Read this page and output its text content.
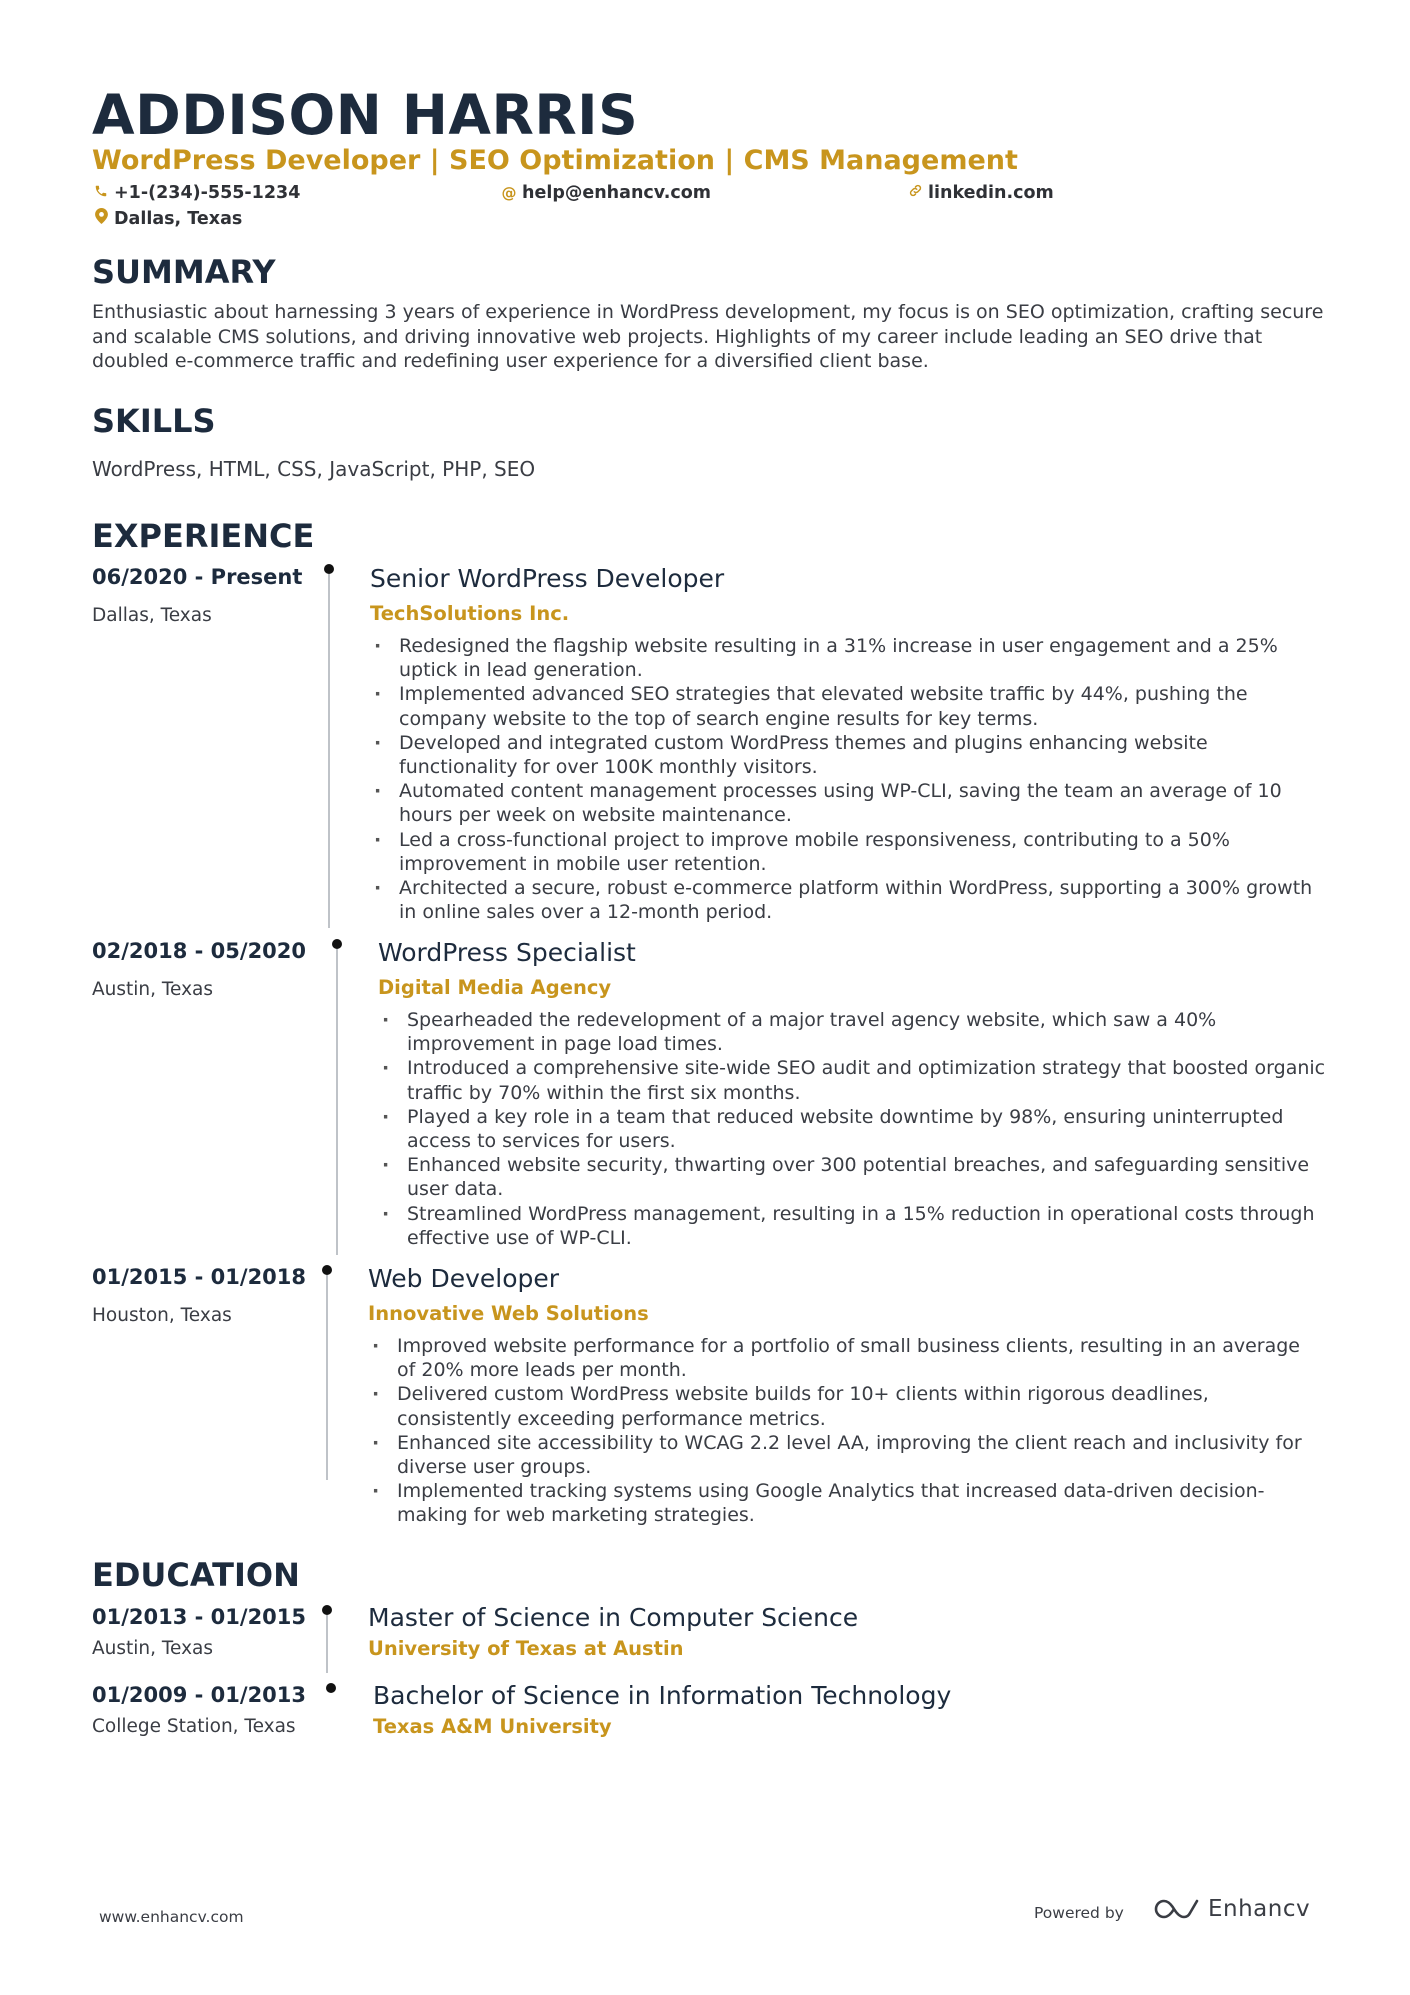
ADDISON HARRIS
WordPress Developer | SEO Optimization | CMS Management
+1-(234)-555-1234	@ help@enhancv.com	linkedin.com
Dallas, Texas
SUMMARY
Enthusiastic about harnessing 3 years of experience in WordPress development, my focus is on SEO optimization, crafting secure and scalable CMS solutions, and driving innovative web projects. Highlights of my career include leading an SEO drive that doubled e-commerce traffic and redefining user experience for a diversified client base.
SKILLS
WordPress, HTML, CSS, JavaScript, PHP, SEO
EXPERIENCE
06/2020 - Present
Dallas, Texas
Senior WordPress Developer
TechSolutions Inc.
· Redesigned the flagship website resulting in a 31% increase in user engagement and a 25% uptick in lead generation.
· Implemented advanced SEO strategies that elevated website traffic by 44%, pushing the company website to the top of search engine results for key terms.
· Developed and integrated custom WordPress themes and plugins enhancing website functionality for over 100K monthly visitors.
· Automated content management processes using WP-CLI, saving the team an average of 10 hours per week on website maintenance.
· Led a cross-functional project to improve mobile responsiveness, contributing to a 50% improvement in mobile user retention.
· Architected a secure, robust e-commerce platform within WordPress, supporting a 300% growth in online sales over a 12-month period.
02/2018 - 05/2020
Austin, Texas
WordPress Specialist
Digital Media Agency
· Spearheaded the redevelopment of a major travel agency website, which saw a 40% improvement in page load times.
· Introduced a comprehensive site-wide SEO audit and optimization strategy that boosted organic traffic by 70% within the first six months.
· Played a key role in a team that reduced website downtime by 98%, ensuring uninterrupted access to services for users.
· Enhanced website security, thwarting over 300 potential breaches, and safeguarding sensitive user data.
· Streamlined WordPress management, resulting in a 15% reduction in operational costs through effective use of WP-CLI.
01/2015 - 01/2018
Houston, Texas
Web Developer
Innovative Web Solutions
· Improved website performance for a portfolio of small business clients, resulting in an average of 20% more leads per month.
· Delivered custom WordPress website builds for 10+ clients within rigorous deadlines, consistently exceeding performance metrics.
· Enhanced site accessibility to WCAG 2.2 level AA, improving the client reach and inclusivity for diverse user groups.
· Implemented tracking systems using Google Analytics that increased data-driven decision-making for web marketing strategies.
EDUCATION
01/2013 - 01/2015
Austin, Texas
Master of Science in Computer Science
University of Texas at Austin
01/2009 - 01/2013
College Station, Texas
Bachelor of Science in Information Technology
Texas A&M University
www.enhancv.com	Powered by	Enhancv
